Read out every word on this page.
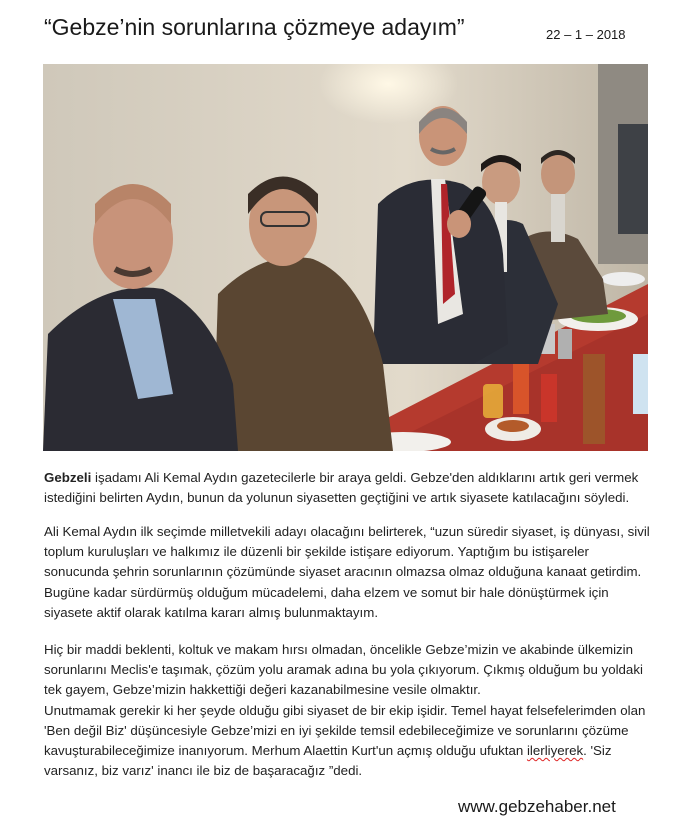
“Gebze’nin sorunlarına çözmeye adayım”	22 – 1 – 2018

Gebzeli işadamı Ali Kemal Aydın gazetecilerle bir araya geldi. Gebze'den aldıklarını artık geri vermek istediğini belirten Aydın, bunun da yolunun siyasetten geçtiğini ve artık siyasete katılacağını söyledi.

Ali Kemal Aydın ilk seçimde milletvekili adayı olacağını belirterek, “uzun süredir siyaset, iş dünyası, sivil toplum kuruluşları ve halkımız ile düzenli bir şekilde istişare ediyorum. Yaptığım bu istişareler sonucunda şehrin sorunlarının çözümünde siyaset aracının olmazsa olmaz olduğuna kanaat getirdim. Bugüne kadar sürdürmüş olduğum mücadelemi, daha elzem ve somut bir hale dönüştürmek için siyasete aktif olarak katılma kararı almış bulunmaktayım.

Hiç bir maddi beklenti, koltuk ve makam hırsı olmadan, öncelikle Gebze’mizin ve akabinde ülkemizin sorunlarını Meclis'e taşımak, çözüm yolu aramak adına bu yola çıkıyorum. Çıkmış olduğum bu yoldaki tek gayem, Gebze’mizin hakkettiği değeri kazanabilmesine vesile olmaktır.

Unutmamak gerekir ki her şeyde olduğu gibi siyaset de bir ekip işidir. Temel hayat felsefelerimden olan 'Ben değil Biz' düşüncesiyle Gebze’mizi en iyi şekilde temsil edebileceğimize ve sorunlarını çözüme kavuşturabileceğimize inanıyorum. Merhum Alaettin Kurt'un açmış olduğu ufuktan ilerliyerek. 'Siz varsanız, biz varız' inancı ile biz de başaracağız ”dedi.

www.gebzehaber.net
